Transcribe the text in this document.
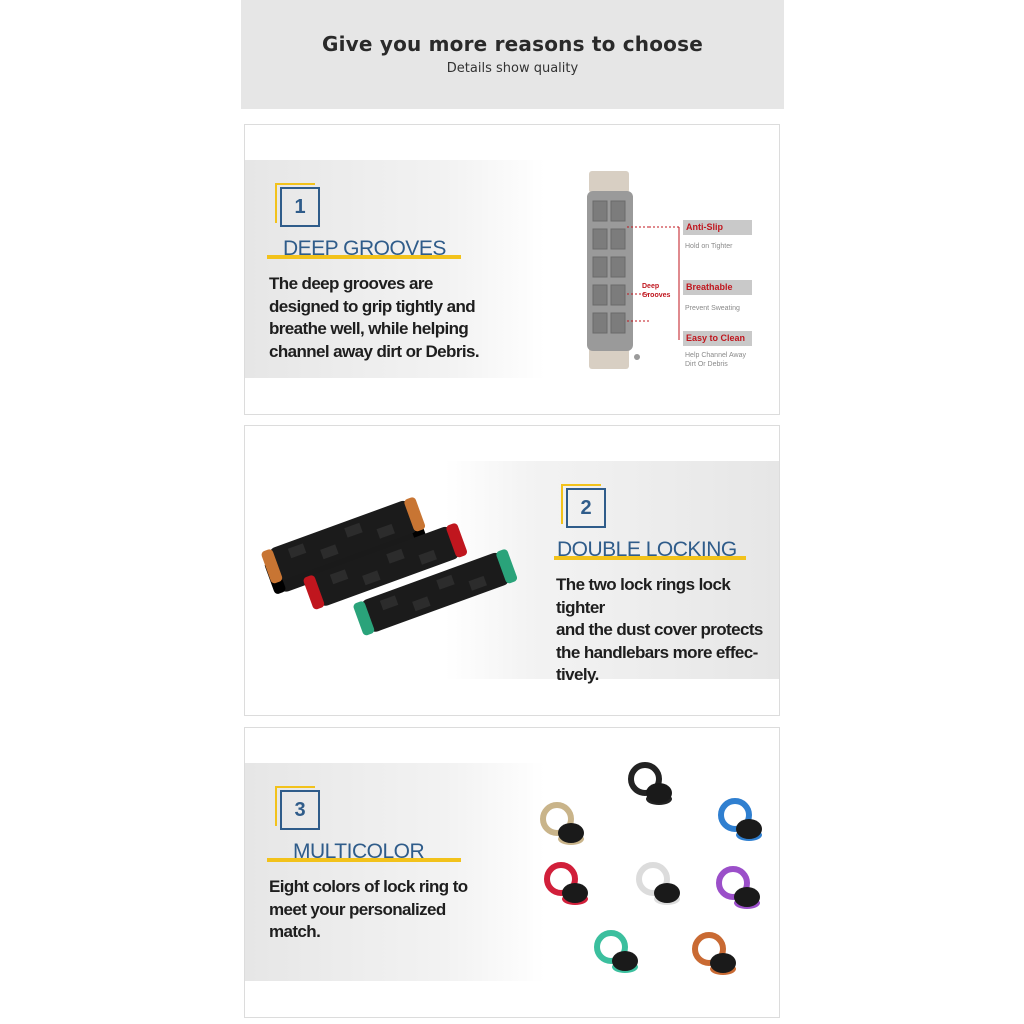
Give you more reasons to choose

Details show quality

1
DEEP GROOVES
The deep grooves are
designed to grip tightly and
breathe well, while helping
channel away dirt or Debris.
Deep
Grooves
Anti-Slip
Hold on Tighter
Breathable
Prevent Sweating
Easy to Clean
Help Channel Away
Dirt Or Debris
2
DOUBLE LOCKING
The two lock rings lock tighter
and the dust cover protects
the handlebars more effec-
tively.
3
MULTICOLOR
Eight colors of lock ring to
meet your personalized
match.
